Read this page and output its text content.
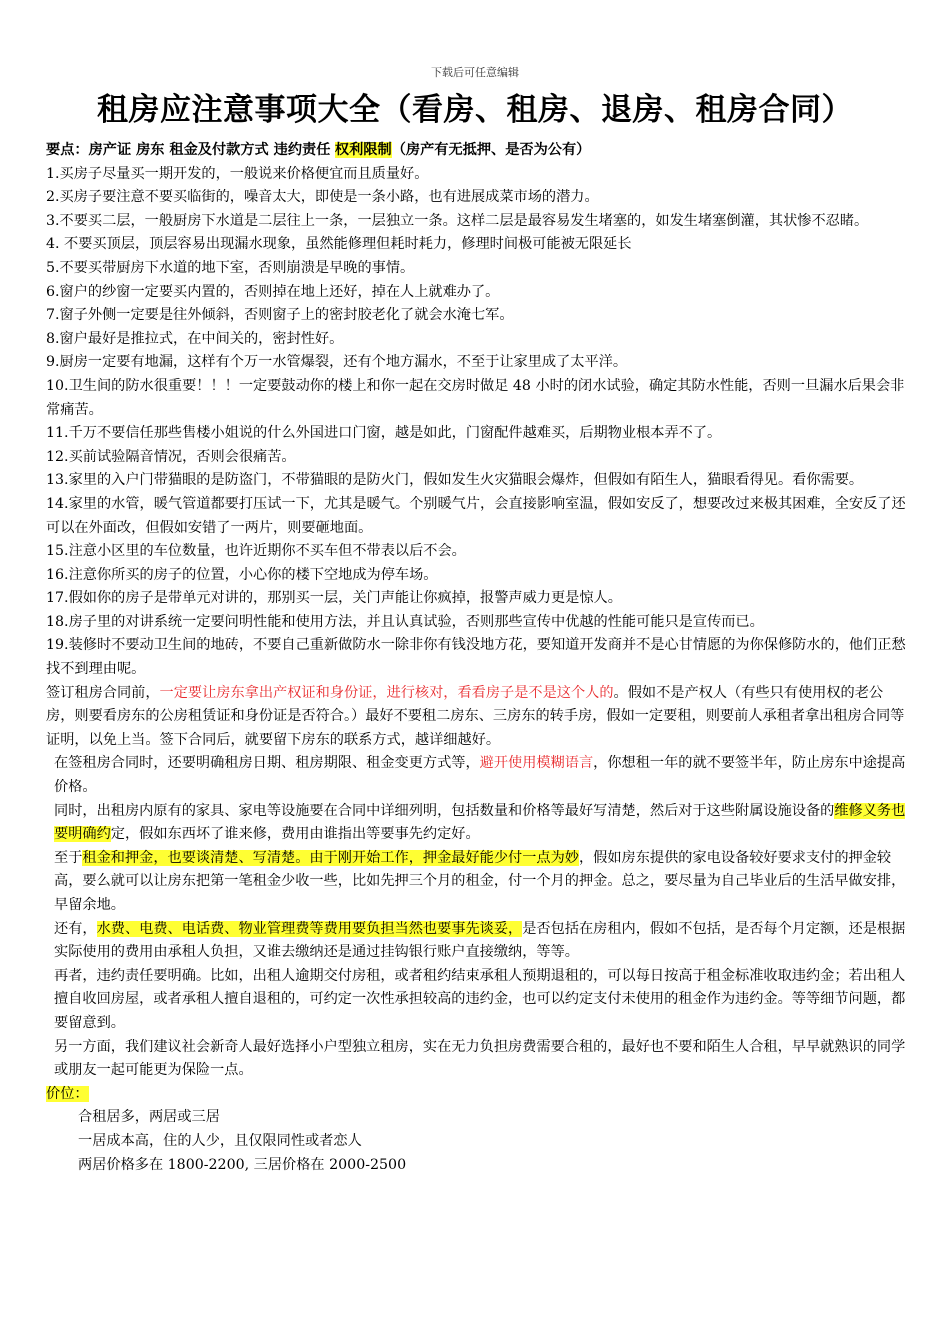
下载后可任意编辑
租房应注意事项大全（看房、租房、退房、租房合同）

要点：房产证 房东 租金及付款方式 违约责任 权利限制（房产有无抵押、是否为公有）

1.买房子尽量买一期开发的，一般说来价格便宜而且质量好。

2.买房子要注意不要买临街的，噪音太大，即使是一条小路，也有进展成菜市场的潜力。

3.不要买二层，一般厨房下水道是二层往上一条，一层独立一条。这样二层是最容易发生堵塞的，如发生堵塞倒灌，其状惨不忍睹。

4. 不要买顶层，顶层容易出现漏水现象，虽然能修理但耗时耗力，修理时间极可能被无限延长

5.不要买带厨房下水道的地下室，否则崩溃是早晚的事情。

6.窗户的纱窗一定要买内置的，否则掉在地上还好，掉在人上就难办了。

7.窗子外侧一定要是往外倾斜，否则窗子上的密封胶老化了就会水淹七军。

8.窗户最好是推拉式，在中间关的，密封性好。

9.厨房一定要有地漏，这样有个万一水管爆裂，还有个地方漏水，不至于让家里成了太平洋。

10.卫生间的防水很重要！！！一定要鼓动你的楼上和你一起在交房时做足 48 小时的闭水试验，确定其防水性能，否则一旦漏水后果会非常痛苦。

11.千万不要信任那些售楼小姐说的什么外国进口门窗，越是如此，门窗配件越难买，后期物业根本弄不了。

12.买前试验隔音情况，否则会很痛苦。

13.家里的入户门带猫眼的是防盗门，不带猫眼的是防火门，假如发生火灾猫眼会爆炸，但假如有陌生人，猫眼看得见。看你需要。

14.家里的水管，暖气管道都要打压试一下，尤其是暖气。个别暖气片，会直接影响室温，假如安反了，想要改过来极其困难，全安反了还可以在外面改，但假如安错了一两片，则要砸地面。

15.注意小区里的车位数量，也许近期你不买车但不带表以后不会。

16.注意你所买的房子的位置，小心你的楼下空地成为停车场。

17.假如你的房子是带单元对讲的，那别买一层，关门声能让你疯掉，报警声威力更是惊人。

18.房子里的对讲系统一定要问明性能和使用方法，并且认真试验，否则那些宣传中优越的性能可能只是宣传而已。

19.装修时不要动卫生间的地砖，不要自己重新做防水一除非你有钱没地方花，要知道开发商并不是心甘情愿的为你保修防水的，他们正愁找不到理由呢。

签订租房合同前，一定要让房东拿出产权证和身份证，进行核对，看看房子是不是这个人的。假如不是产权人（有些只有使用权的老公房，则要看房东的公房租赁证和身份证是否符合。）最好不要租二房东、三房东的转手房，假如一定要租，则要前人承租者拿出租房合同等证明，以免上当。签下合同后，就要留下房东的联系方式，越详细越好。

在签租房合同时，还要明确租房日期、租房期限、租金变更方式等，避开使用模糊语言，你想租一年的就不要签半年，防止房东中途提高价格。

同时，出租房内原有的家具、家电等设施要在合同中详细列明，包括数量和价格等最好写清楚，然后对于这些附属设施设备的维修义务也要明确约定，假如东西坏了谁来修，费用由谁指出等要事先约定好。

至于租金和押金，也要谈清楚、写清楚。由于刚开始工作，押金最好能少付一点为妙，假如房东提供的家电设备较好要求支付的押金较高，要么就可以让房东把第一笔租金少收一些，比如先押三个月的租金，付一个月的押金。总之，要尽量为自己毕业后的生活早做安排，早留余地。

还有，水费、电费、电话费、物业管理费等费用要负担当然也要事先谈妥，是否包括在房租内，假如不包括，是否每个月定额，还是根据实际使用的费用由承租人负担，又谁去缴纳还是通过挂钩银行账户直接缴纳，等等。

再者，违约责任要明确。比如，出租人逾期交付房租，或者租约结束承租人预期退租的，可以每日按高于租金标准收取违约金；若出租人擅自收回房屋，或者承租人擅自退租的，可约定一次性承担较高的违约金，也可以约定支付未使用的租金作为违约金。等等细节问题，都要留意到。

另一方面，我们建议社会新奇人最好选择小户型独立租房，实在无力负担房费需要合租的，最好也不要和陌生人合租，早早就熟识的同学或朋友一起可能更为保险一点。

价位：

合租居多，两居或三居

一居成本高，住的人少，且仅限同性或者恋人

两居价格多在 1800-2200, 三居价格在 2000-2500
